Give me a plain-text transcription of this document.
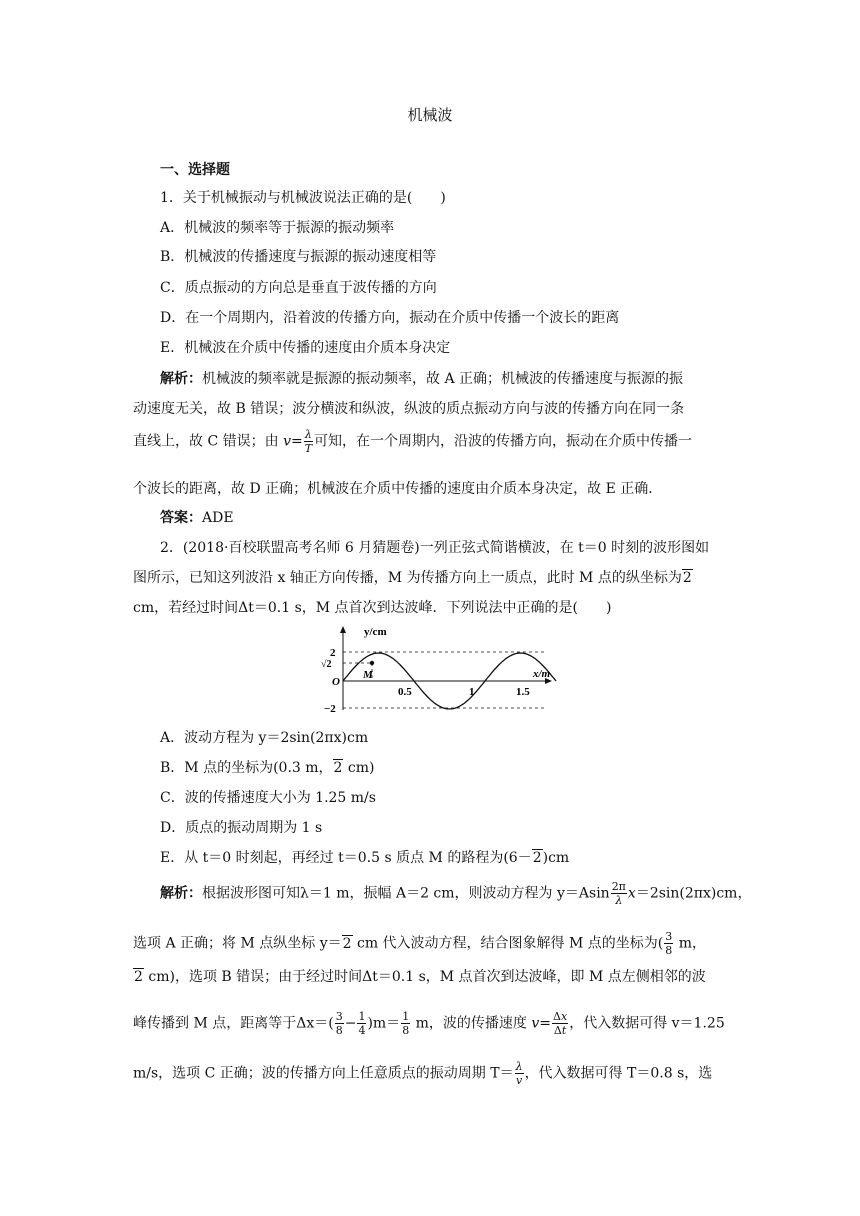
机械波
一、选择题
1．关于机械振动与机械波说法正确的是(　　)
A．机械波的频率等于振源的振动频率
B．机械波的传播速度与振源的振动速度相等
C．质点振动的方向总是垂直于波传播的方向
D．在一个周期内，沿着波的传播方向，振动在介质中传播一个波长的距离
E．机械波在介质中传播的速度由介质本身决定
解析：机械波的频率就是振源的振动频率，故 A 正确；机械波的传播速度与振源的振
动速度无关，故 B 错误；波分横波和纵波，纵波的质点振动方向与波的传播方向在同一条
直线上，故 C 错误；由 $v= \frac{\lambda}{T}$ 可知，在一个周期内，沿波的传播方向，振动在介质中传播一
个波长的距离，故 D 正确；机械波在介质中传播的速度由介质本身决定，故 E 正确．
答案：ADE
2．(2018·百校联盟高考名师 6 月猜题卷)一列正弦式简谐横波，在 t＝0 时刻的波形图如
图所示，已知这列波沿 x 轴正方向传播，M 为传播方向上一质点，此时 M 点的纵坐标为2
cm，若经过时间Δt＝0.1 s，M 点首次到达波峰．下列说法中正确的是(　　)
y/cm
x/m
2
√2
O
−2
M
0.5	1	1.5
A．波动方程为 y＝2sin(2πx)cm
B．M 点的坐标为(0.3 m，2 cm)
C．波的传播速度大小为 1.25 m/s
D．质点的振动周期为 1 s
E．从 t＝0 时刻起，再经过 t＝0.5 s 质点 M 的路程为(6－2)cm
解析：根据波形图可知λ＝1 m，振幅 A＝2 cm，则波动方程为 $y=Asin \frac{2\pi}{\lambda} x=2\sin(2\pi x)cm$，
选项 A 正确；将 M 点纵坐标 y＝2 cm 代入波动方程，结合图象解得 M 点的坐标为( $\frac{3}{8}$ m，
2 cm)，选项 B 错误；由于经过时间Δt＝0.1 s，M 点首次到达波峰，即 M 点左侧相邻的波
峰传播到 M 点，距离等于$\Delta x=( \frac{3}{8} - \frac{1}{4} )m= \frac{1}{8}$ m，波的传播速度 $v= \frac{\Delta x}{\Delta t}$ ，代入数据可得 v＝1.25
m/s，选项 C 正确；波的传播方向上任意质点的振动周期 $T= \frac{\lambda}{v}$ ，代入数据可得 T＝0.8 s，选
